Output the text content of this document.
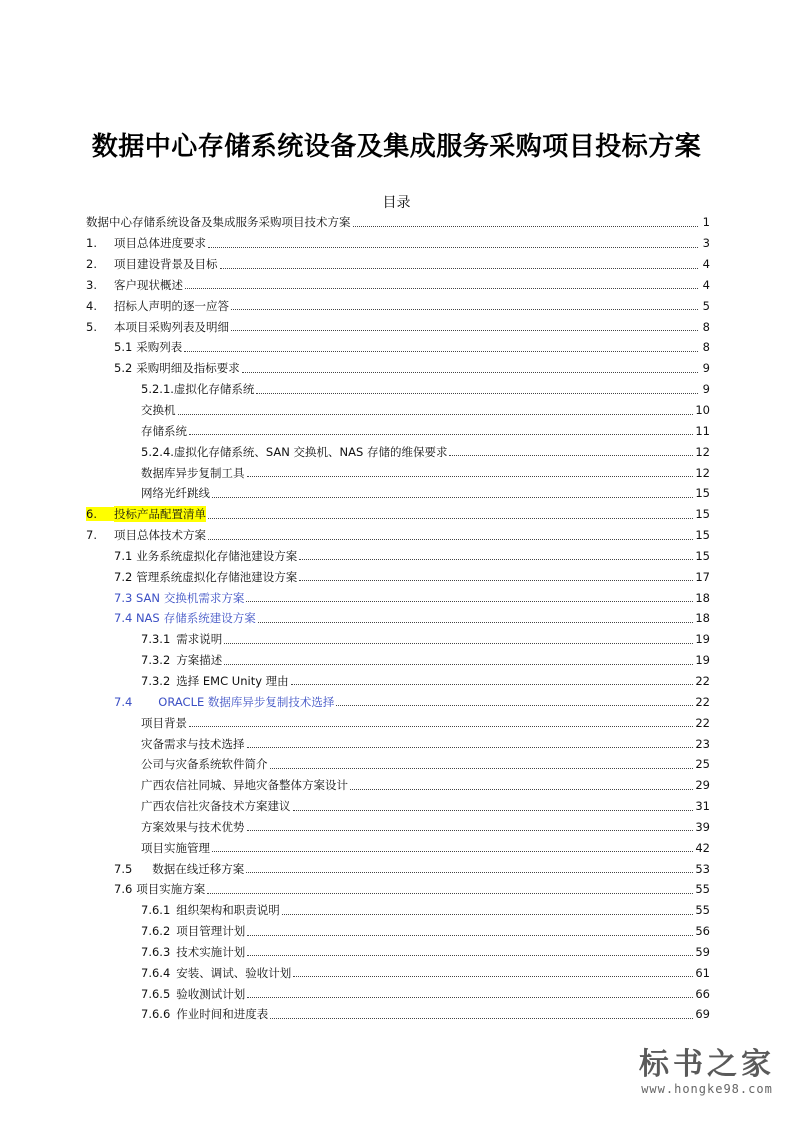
数据中心存储系统设备及集成服务采购项目投标方案
目录
数据中心存储系统设备及集成服务采购项目技术方案	1
1.	项目总体进度要求	3
2.	项目建设背景及目标	4
3.	客户现状概述	4
4.	招标人声明的逐一应答	5
5.	本项目采购列表及明细	8
5.1 采购列表	8
5.2 采购明细及指标要求	9
5.2.1.虚拟化存储系统	9
交换机	10
存储系统	11
5.2.4.虚拟化存储系统、SAN 交换机、NAS 存储的维保要求	12
数据库异步复制工具	12
网络光纤跳线	15
6.	投标产品配置清单	15
7.	项目总体技术方案	15
7.1 业务系统虚拟化存储池建设方案	15
7.2 管理系统虚拟化存储池建设方案	17
7.3 SAN 交换机需求方案	18
7.4 NAS 存储系统建设方案	18
7.3.1 需求说明	19
7.3.2 方案描述	19
7.3.2 选择 EMC Unity 理由	22
7.4 ORACLE 数据库异步复制技术选择	22
项目背景	22
灾备需求与技术选择	23
公司与灾备系统软件简介	25
广西农信社同城、异地灾备整体方案设计	29
广西农信社灾备技术方案建议	31
方案效果与技术优势	39
项目实施管理	42
7.5 数据在线迁移方案	53
7.6 项目实施方案	55
7.6.1 组织架构和职责说明	55
7.6.2 项目管理计划	56
7.6.3 技术实施计划	59
7.6.4 安装、调试、验收计划	61
7.6.5 验收测试计划	66
7.6.6 作业时间和进度表	69
标书之家
www.hongke98.com
